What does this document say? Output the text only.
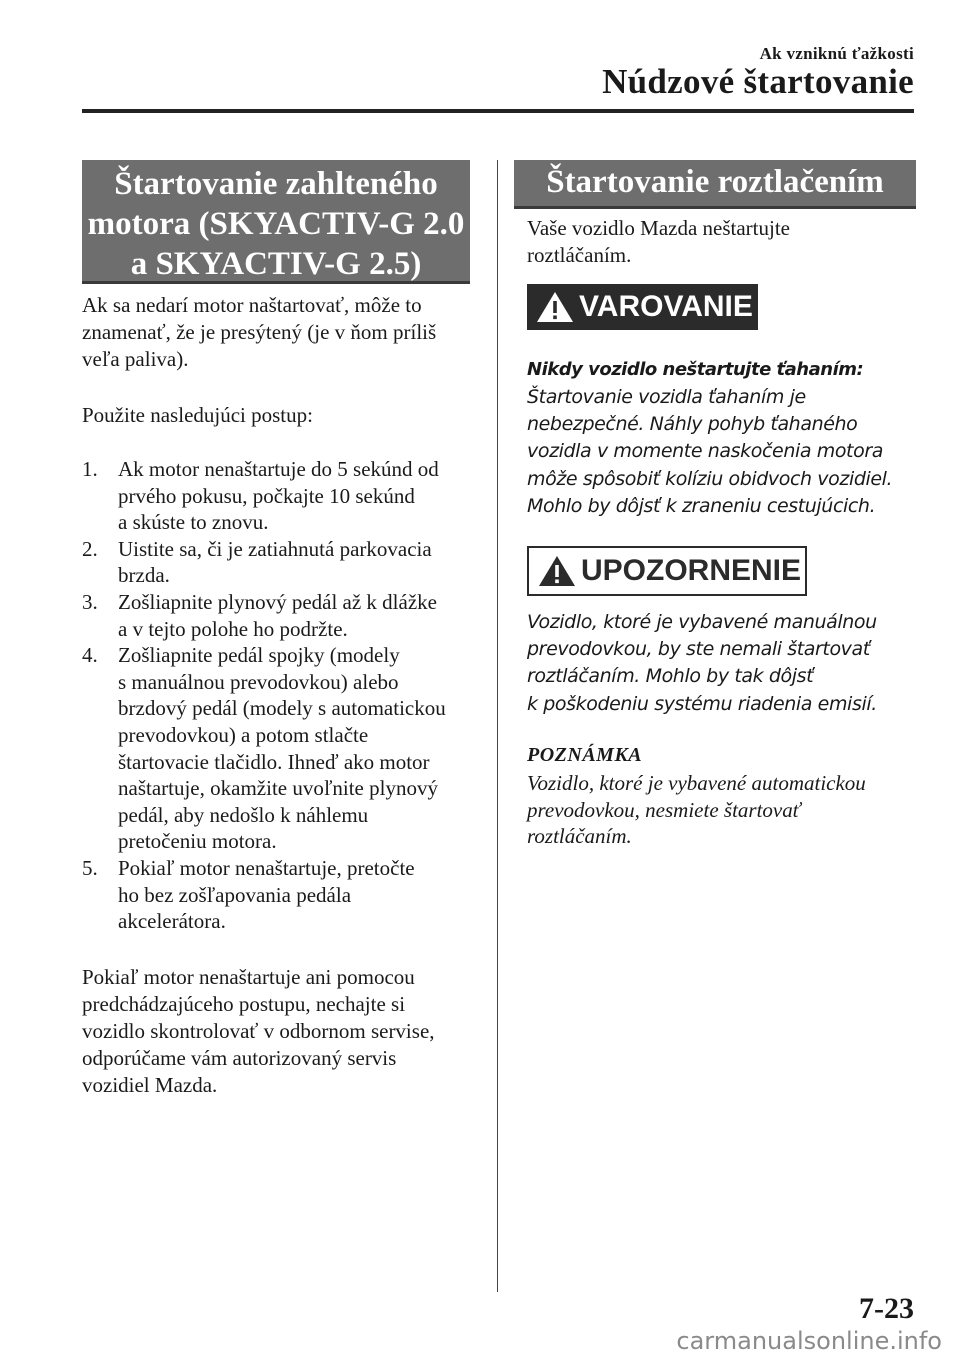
Ak vzniknú ťažkosti
Núdzové štartovanie
Štartovanie zahlteného
motora (SKYACTIV-G 2.0
a SKYACTIV-G 2.5)
Ak sa nedarí motor naštartovať, môže to
znamenať, že je presýtený (je v ňom príliš
veľa paliva).
Použite nasledujúci postup:
1. Ak motor nenaštartuje do 5 sekúnd od
prvého pokusu, počkajte 10 sekúnd
a skúste to znovu.
2. Uistite sa, či je zatiahnutá parkovacia
brzda.
3. Zošliapnite plynový pedál až k dlážke
a v tejto polohe ho podržte.
4. Zošliapnite pedál spojky (modely
s manuálnou prevodovkou) alebo
brzdový pedál (modely s automatickou
prevodovkou) a potom stlačte
štartovacie tlačidlo. Ihneď ako motor
naštartuje, okamžite uvoľnite plynový
pedál, aby nedošlo k náhlemu
pretočeniu motora.
5. Pokiaľ motor nenaštartuje, pretočte
ho bez zošľapovania pedála
akcelerátora.
Pokiaľ motor nenaštartuje ani pomocou
predchádzajúceho postupu, nechajte si
vozidlo skontrolovať v odbornom servise,
odporúčame vám autorizovaný servis
vozidiel Mazda.
Štartovanie roztlačením
Vaše vozidlo Mazda neštartujte
roztláčaním.
VAROVANIE
Nikdy vozidlo neštartujte ťahaním:
Štartovanie vozidla ťahaním je
nebezpečné. Náhly pohyb ťahaného
vozidla v momente naskočenia motora
môže spôsobiť kolíziu obidvoch vozidiel.
Mohlo by dôjsť k zraneniu cestujúcich.
UPOZORNENIE
Vozidlo, ktoré je vybavené manuálnou
prevodovkou, by ste nemali štartovať
roztláčaním. Mohlo by tak dôjsť
k poškodeniu systému riadenia emisií.
POZNÁMKA
Vozidlo, ktoré je vybavené automatickou
prevodovkou, nesmiete štartovať
roztláčaním.
7-23
carmanualsonline.info
